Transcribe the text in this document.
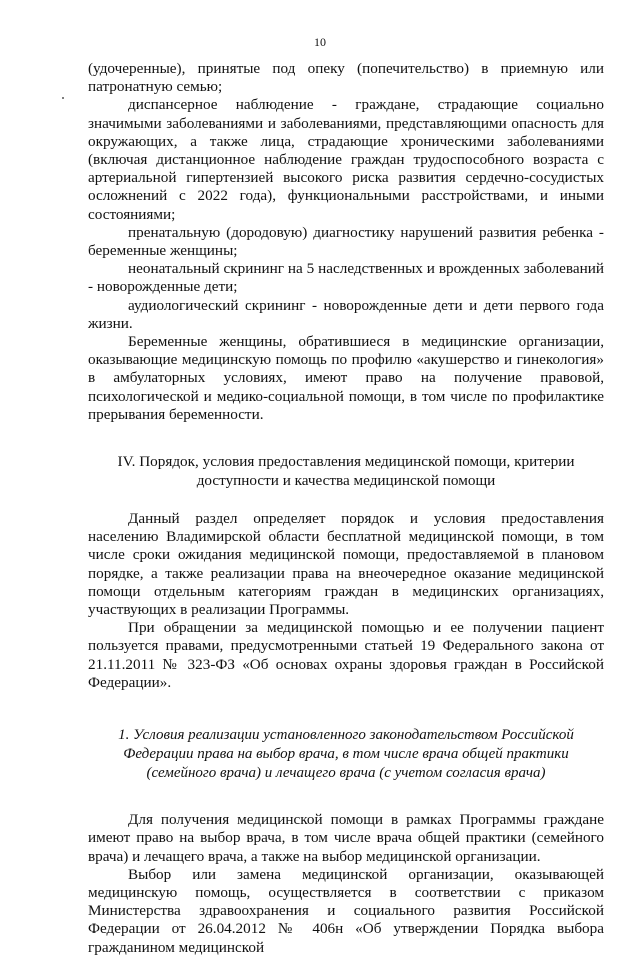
10

(удочеренные), принятые под опеку (попечительство) в приемную или патронатную семью;

диспансерное наблюдение - граждане, страдающие социально значимыми заболеваниями и заболеваниями, представляющими опасность для окружающих, а также лица, страдающие хроническими заболеваниями (включая дистанционное наблюдение граждан трудоспособного возраста с артериальной гипертензией высокого риска развития сердечно-сосудистых осложнений с 2022 года), функциональными расстройствами, и иными состояниями;

пренатальную (дородовую) диагностику нарушений развития ребенка - беременные женщины;

неонатальный скрининг на 5 наследственных и врожденных заболеваний - новорожденные дети;

аудиологический скрининг - новорожденные дети и дети первого года жизни.

Беременные женщины, обратившиеся в медицинские организации, оказывающие медицинскую помощь по профилю «акушерство и гинекология» в амбулаторных условиях, имеют право на получение правовой, психологической и медико-социальной помощи, в том числе по профилактике прерывания беременности.

IV. Порядок, условия предоставления медицинской помощи, критерии доступности и качества медицинской помощи

Данный раздел определяет порядок и условия предоставления населению Владимирской области бесплатной медицинской помощи, в том числе сроки ожидания медицинской помощи, предоставляемой в плановом порядке, а также реализации права на внеочередное оказание медицинской помощи отдельным категориям граждан в медицинских организациях, участвующих в реализации Программы.

При обращении за медицинской помощью и ее получении пациент пользуется правами, предусмотренными статьей 19 Федерального закона от 21.11.2011 № 323-ФЗ «Об основах охраны здоровья граждан в Российской Федерации».

1. Условия реализации установленного законодательством Российской Федерации права на выбор врача, в том числе врача общей практики (семейного врача) и лечащего врача (с учетом согласия врача)

Для получения медицинской помощи в рамках Программы граждане имеют право на выбор врача, в том числе врача общей практики (семейного врача) и лечащего врача, а также на выбор медицинской организации.

Выбор или замена медицинской организации, оказывающей медицинскую помощь, осуществляется в соответствии с приказом Министерства здравоохранения и социального развития Российской Федерации от 26.04.2012 № 406н «Об утверждении Порядка выбора гражданином медицинской
